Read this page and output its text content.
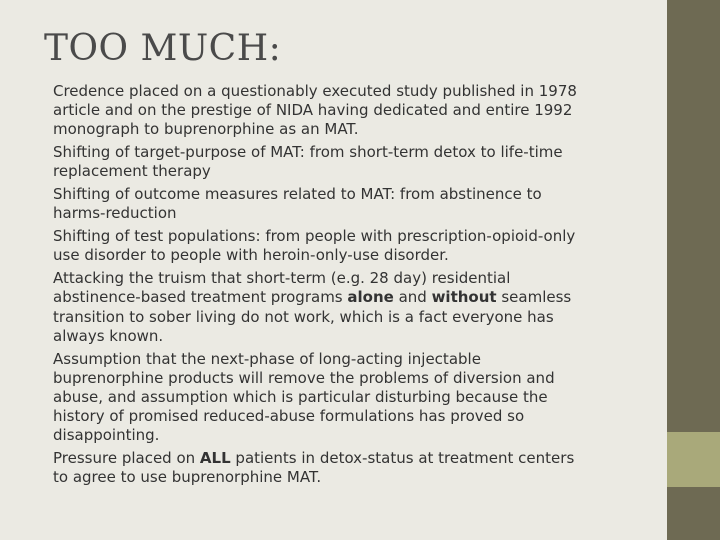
TOO MUCH:
Credence placed on a questionably executed study published in 1978
article and on the prestige of NIDA having dedicated and entire 1992
monograph to buprenorphine as an MAT.
Shifting of target-purpose of MAT: from short-term detox to life-time
replacement therapy
Shifting of outcome measures related to MAT: from abstinence to
harms-reduction
Shifting of test populations: from people with prescription-opioid-only
use disorder to people with heroin-only-use disorder.
Attacking the truism that short-term (e.g. 28 day) residential
abstinence-based treatment programs alone and without seamless
transition to sober living do not work, which is a fact everyone has
always known.
Assumption that the next-phase of long-acting injectable
buprenorphine products will remove the problems of diversion and
abuse, and assumption which is particular disturbing because the
history of promised reduced-abuse formulations has proved so
disappointing.
Pressure placed on ALL patients in detox-status at treatment centers
to agree to use buprenorphine MAT.
